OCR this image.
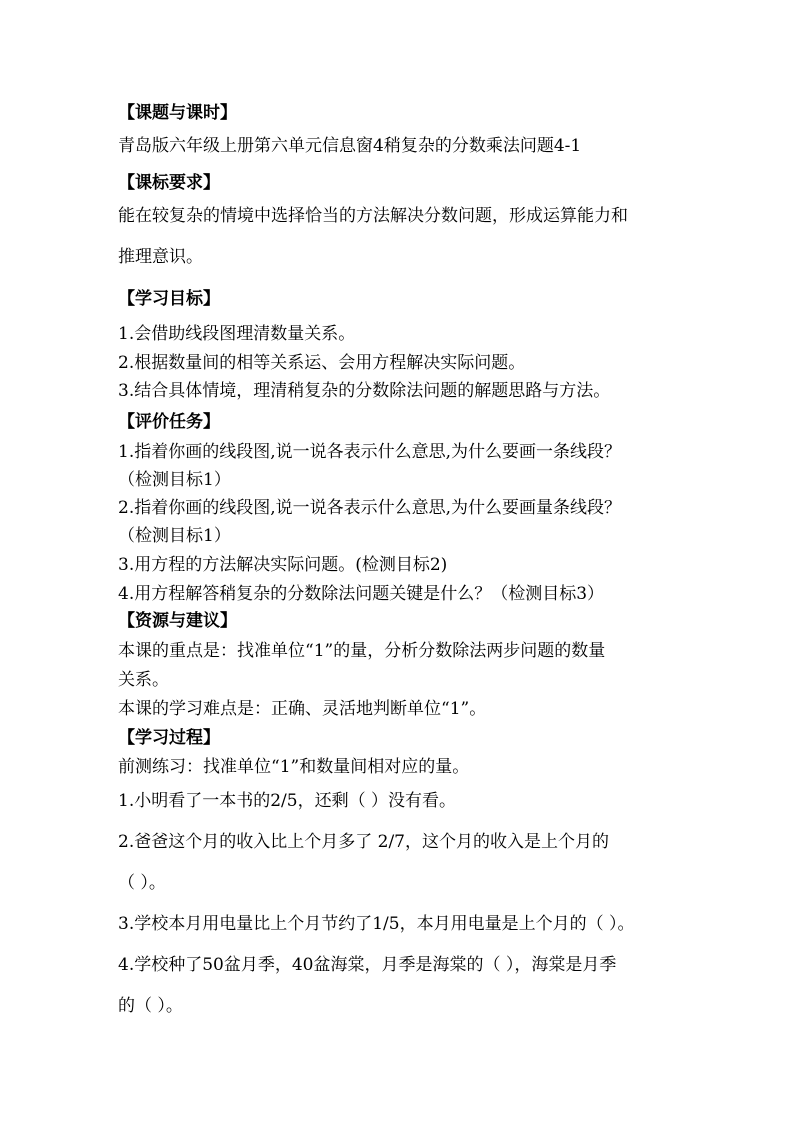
【课题与课时】
青岛版六年级上册第六单元信息窗4稍复杂的分数乘法问题4-1
【课标要求】
能在较复杂的情境中选择恰当的方法解决分数问题，形成运算能力和
推理意识。
【学习目标】
1.会借助线段图理清数量关系。
2.根据数量间的相等关系运、会用方程解决实际问题。
3.结合具体情境，理清稍复杂的分数除法问题的解题思路与方法。
【评价任务】
1.指着你画的线段图,说一说各表示什么意思,为什么要画一条线段？
（检测目标1）
2.指着你画的线段图,说一说各表示什么意思,为什么要画量条线段？
（检测目标1）
3.用方程的方法解决实际问题。(检测目标2)
4.用方程解答稍复杂的分数除法问题关键是什么？（检测目标3）
【资源与建议】
本课的重点是：找准单位“1”的量，分析分数除法两步问题的数量
关系。
本课的学习难点是：正确、灵活地判断单位“1”。
【学习过程】
前测练习：找准单位“1”和数量间相对应的量。
1.小明看了一本书的2/5，还剩（ ）没有看。
2.爸爸这个月的收入比上个月多了 2/7，这个月的收入是上个月的
（ ）。
3.学校本月用电量比上个月节约了1/5，本月用电量是上个月的（ ）。
4.学校种了50盆月季，40盆海棠，月季是海棠的（ ），海棠是月季
的（ ）。
